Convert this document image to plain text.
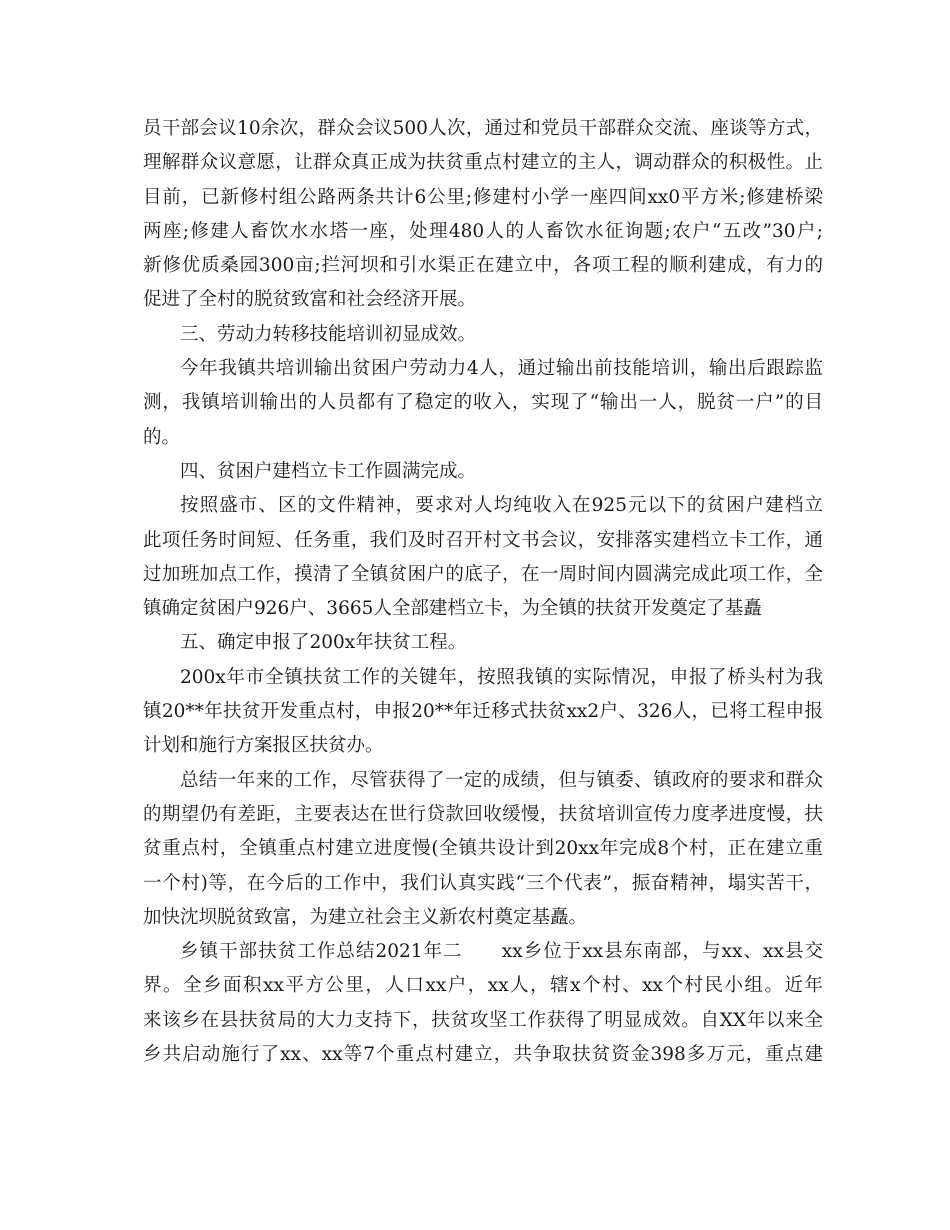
员干部会议10余次，群众会议500人次，通过和党员干部群众交流、座谈等方式，
理解群众议意愿，让群众真正成为扶贫重点村建立的主人，调动群众的积极性。止
目前，已新修村组公路两条共计6公里;修建村小学一座四间xx0平方米;修建桥梁
两座;修建人畜饮水水塔一座，处理480人的人畜饮水征询题;农户“五改”30户;
新修优质桑园300亩;拦河坝和引水渠正在建立中，各项工程的顺利建成，有力的
促进了全村的脱贫致富和社会经济开展。
三、劳动力转移技能培训初显成效。
今年我镇共培训输出贫困户劳动力4人，通过输出前技能培训，输出后跟踪监
测，我镇培训输出的人员都有了稳定的收入，实现了“输出一人，脱贫一户”的目
的。
四、贫困户建档立卡工作圆满完成。
按照盛市、区的文件精神，要求对人均纯收入在925元以下的贫困户建档立
此项任务时间短、任务重，我们及时召开村文书会议，安排落实建档立卡工作，通
过加班加点工作，摸清了全镇贫困户的底子，在一周时间内圆满完成此项工作，全
镇确定贫困户926户、3665人全部建档立卡，为全镇的扶贫开发奠定了基矗
五、确定申报了200x年扶贫工程。
200x年市全镇扶贫工作的关键年，按照我镇的实际情况，申报了桥头村为我
镇20**年扶贫开发重点村，申报20**年迁移式扶贫xx2户、326人，已将工程申报
计划和施行方案报区扶贫办。
总结一年来的工作，尽管获得了一定的成绩，但与镇委、镇政府的要求和群众
的期望仍有差距，主要表达在世行贷款回收缓慢，扶贫培训宣传力度孝进度慢，扶
贫重点村，全镇重点村建立进度慢(全镇共设计到20xx年完成8个村，正在建立重
一个村)等，在今后的工作中，我们认真实践“三个代表”，振奋精神，塌实苦干，
加快沈坝脱贫致富，为建立社会主义新农村奠定基矗。
乡镇干部扶贫工作总结2021年二　　xx乡位于xx县东南部，与xx、xx县交
界。全乡面积xx平方公里，人口xx户，xx人，辖x个村、xx个村民小组。近年
来该乡在县扶贫局的大力支持下，扶贫攻坚工作获得了明显成效。自XX年以来全
乡共启动施行了xx、xx等7个重点村建立，共争取扶贫资金398多万元，重点建
